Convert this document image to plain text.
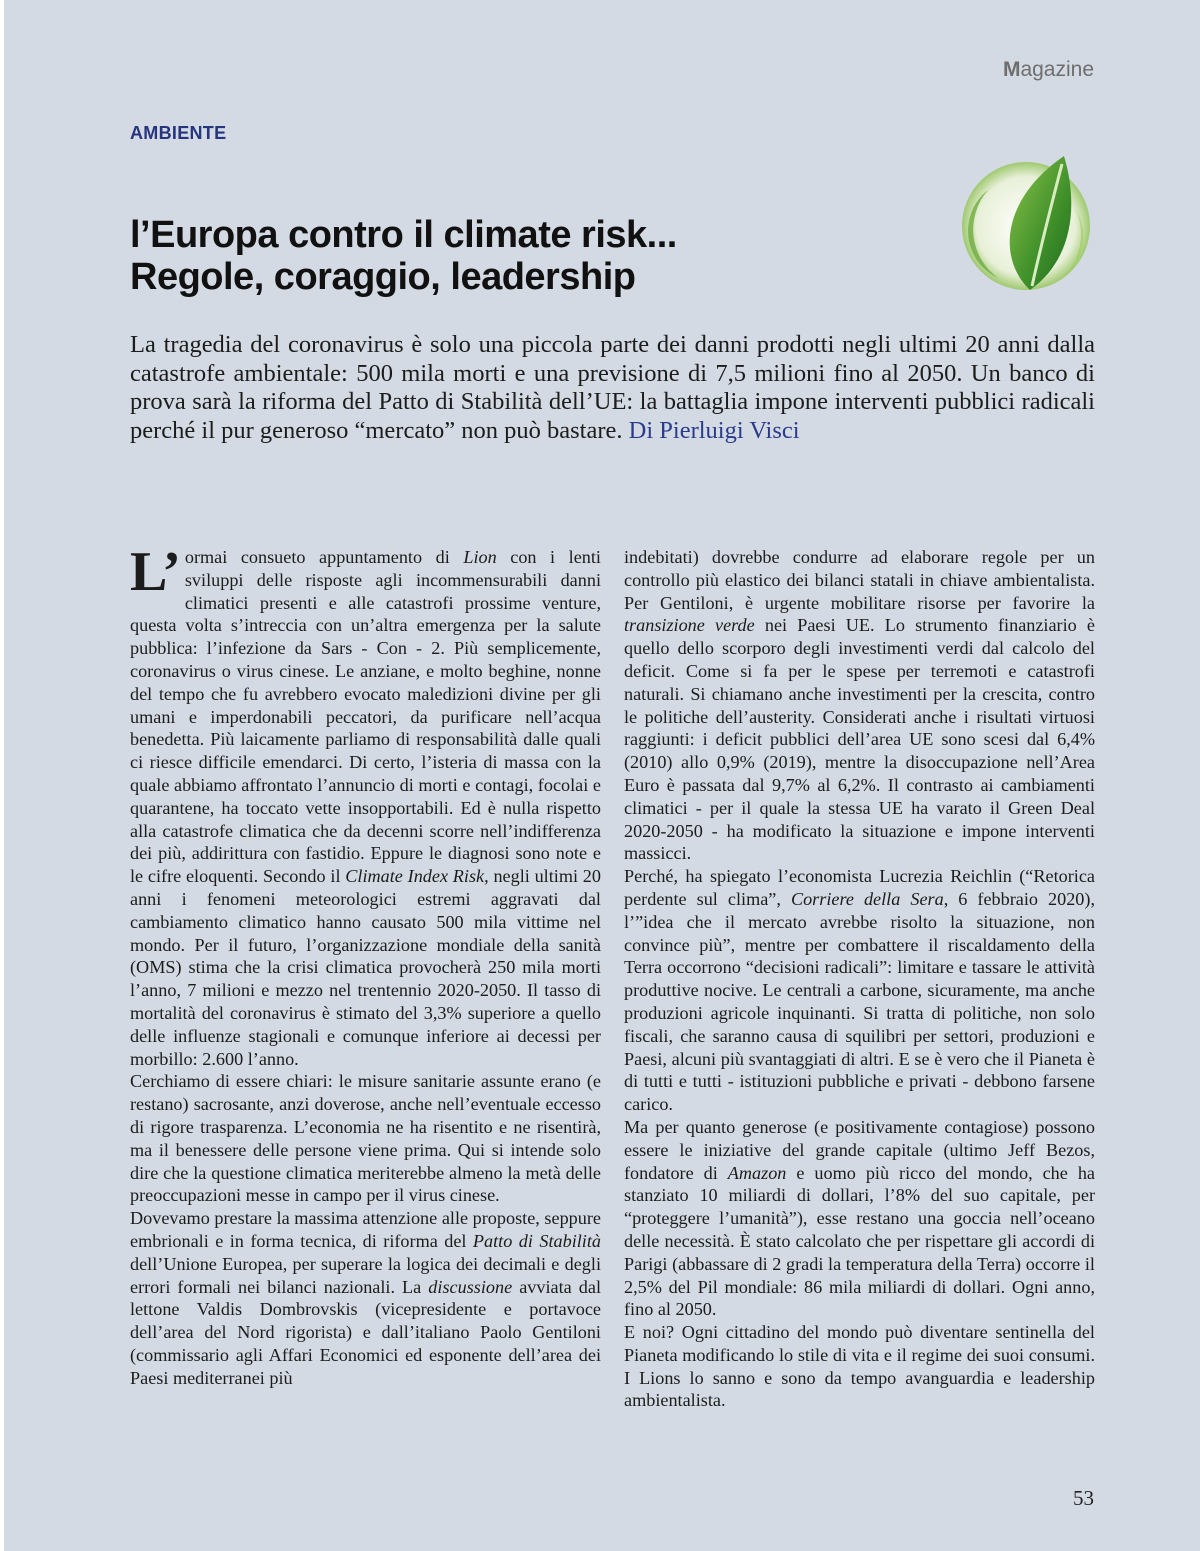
Magazine
AMBIENTE
l’Europa contro il climate risk...
Regole, coraggio, leadership
La tragedia del coronavirus è solo una piccola parte dei danni prodotti negli ultimi 20 anni dalla catastrofe ambientale: 500 mila morti e una previsione di 7,5 milioni fino al 2050. Un banco di prova sarà la riforma del Patto di Stabilità dell’UE: la battaglia impone interventi pubblici radicali perché il pur generoso “mercato” non può bastare. Di Pierluigi Visci

L’ ormai consueto appuntamento di Lion con i lenti sviluppi delle risposte agli incommensurabili danni climatici presenti e alle catastrofi prossime venture, questa volta s’intreccia con un’altra emergenza per la salute pubblica: l’infezione da Sars - Con - 2. Più semplicemente, coronavirus o virus cinese. Le anziane, e molto beghine, nonne del tempo che fu avrebbero evocato maledizioni divine per gli umani e imperdonabili peccatori, da purificare nell’acqua benedetta. Più laicamente parliamo di responsabilità dalle quali ci riesce difficile emendarci. Di certo, l’isteria di massa con la quale abbiamo affrontato l’annuncio di morti e contagi, focolai e quarantene, ha toccato vette insopportabili. Ed è nulla rispetto alla catastrofe climatica che da decenni scorre nell’indifferenza dei più, addirittura con fastidio. Eppure le diagnosi sono note e le cifre eloquenti. Secondo il Climate Index Risk, negli ultimi 20 anni i fenomeni meteorologici estremi aggravati dal cambiamento climatico hanno causato 500 mila vittime nel mondo. Per il futuro, l’organizzazione mondiale della sanità (OMS) stima che la crisi climatica provocherà 250 mila morti l’anno, 7 milioni e mezzo nel trentennio 2020-2050. Il tasso di mortalità del coronavirus è stimato del 3,3% superiore a quello delle influenze stagionali e comunque inferiore ai decessi per morbillo: 2.600 l’anno.

Cerchiamo di essere chiari: le misure sanitarie assunte erano (e restano) sacrosante, anzi doverose, anche nell’eventuale eccesso di rigore trasparenza. L’economia ne ha risentito e ne risentirà, ma il benessere delle persone viene prima. Qui si intende solo dire che la questione climatica meriterebbe almeno la metà delle preoccupazioni messe in campo per il virus cinese.

Dovevamo prestare la massima attenzione alle proposte, seppure embrionali e in forma tecnica, di riforma del Patto di Stabilità dell’Unione Europea, per superare la logica dei decimali e degli errori formali nei bilanci nazionali. La discussione avviata dal lettone Valdis Dombrovskis (vicepresidente e portavoce dell’area del Nord rigorista) e dall’italiano Paolo Gentiloni (commissario agli Affari Economici ed esponente dell’area dei Paesi mediterranei più

indebitati) dovrebbe condurre ad elaborare regole per un controllo più elastico dei bilanci statali in chiave ambientalista. Per Gentiloni, è urgente mobilitare risorse per favorire la transizione verde nei Paesi UE. Lo strumento finanziario è quello dello scorporo degli investimenti verdi dal calcolo del deficit. Come si fa per le spese per terremoti e catastrofi naturali. Si chiamano anche investimenti per la crescita, contro le politiche dell’austerity. Considerati anche i risultati virtuosi raggiunti: i deficit pubblici dell’area UE sono scesi dal 6,4% (2010) allo 0,9% (2019), mentre la disoccupazione nell’Area Euro è passata dal 9,7% al 6,2%. Il contrasto ai cambiamenti climatici - per il quale la stessa UE ha varato il Green Deal 2020-2050 - ha modificato la situazione e impone interventi massicci.

Perché, ha spiegato l’economista Lucrezia Reichlin (“Retorica perdente sul clima”, Corriere della Sera, 6 febbraio 2020), l’”idea che il mercato avrebbe risolto la situazione, non convince più”, mentre per combattere il riscaldamento della Terra occorrono “decisioni radicali”: limitare e tassare le attività produttive nocive. Le centrali a carbone, sicuramente, ma anche produzioni agricole inquinanti. Si tratta di politiche, non solo fiscali, che saranno causa di squilibri per settori, produzioni e Paesi, alcuni più svantaggiati di altri. E se è vero che il Pianeta è di tutti e tutti - istituzioni pubbliche e privati - debbono farsene carico.

Ma per quanto generose (e positivamente contagiose) possono essere le iniziative del grande capitale (ultimo Jeff Bezos, fondatore di Amazon e uomo più ricco del mondo, che ha stanziato 10 miliardi di dollari, l’8% del suo capitale, per “proteggere l’umanità”), esse restano una goccia nell’oceano delle necessità. È stato calcolato che per rispettare gli accordi di Parigi (abbassare di 2 gradi la temperatura della Terra) occorre il 2,5% del Pil mondiale: 86 mila miliardi di dollari. Ogni anno, fino al 2050.

E noi? Ogni cittadino del mondo può diventare sentinella del Pianeta modificando lo stile di vita e il regime dei suoi consumi. I Lions lo sanno e sono da tempo avanguardia e leadership ambientalista.

53
